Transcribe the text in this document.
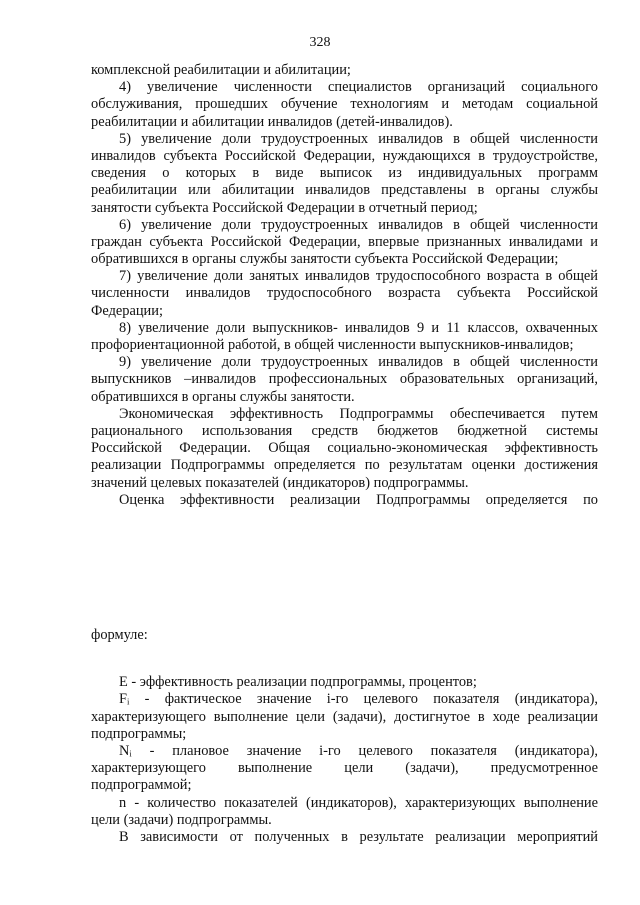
328
комплексной реабилитации и абилитации;
4) увеличение численности специалистов организаций социального
обслуживания, прошедших обучение технологиям и методам социальной
реабилитации и абилитации инвалидов (детей-инвалидов).
5) увеличение доли трудоустроенных инвалидов в общей численности
инвалидов субъекта Российской Федерации, нуждающихся в трудоустройстве,
сведения о которых в виде выписок из индивидуальных программ
реабилитации или абилитации инвалидов представлены в органы службы
занятости субъекта Российской Федерации в отчетный период;
6) увеличение доли трудоустроенных инвалидов в общей численности
граждан субъекта Российской Федерации, впервые признанных инвалидами и
обратившихся в органы службы занятости субъекта Российской Федерации;
7) увеличение доли занятых инвалидов трудоспособного возраста в общей
численности инвалидов трудоспособного возраста субъекта Российской
Федерации;
8) увеличение доли выпускников- инвалидов 9 и 11 классов, охваченных
профориентационной работой, в общей численности выпускников-инвалидов;
9) увеличение доли трудоустроенных инвалидов в общей численности
выпускников –инвалидов профессиональных образовательных организаций,
обратившихся в органы службы занятости.
Экономическая эффективность Подпрограммы обеспечивается путем
рационального использования средств бюджетов бюджетной системы
Российской Федерации. Общая социально-экономическая эффективность
реализации Подпрограммы определяется по результатам оценки достижения
значений целевых показателей (индикаторов) подпрограммы.
Оценка эффективности реализации Подпрограммы определяется по
формуле:
Е - эффективность реализации подпрограммы, процентов;
Fᵢ - фактическое значение i-го целевого показателя (индикатора),
характеризующего выполнение цели (задачи), достигнутое в ходе реализации
подпрограммы;
Nᵢ - плановое значение i-го целевого показателя (индикатора),
характеризующего выполнение цели (задачи), предусмотренное
подпрограммой;
n - количество показателей (индикаторов), характеризующих выполнение
цели (задачи) подпрограммы.
В зависимости от полученных в результате реализации мероприятий
